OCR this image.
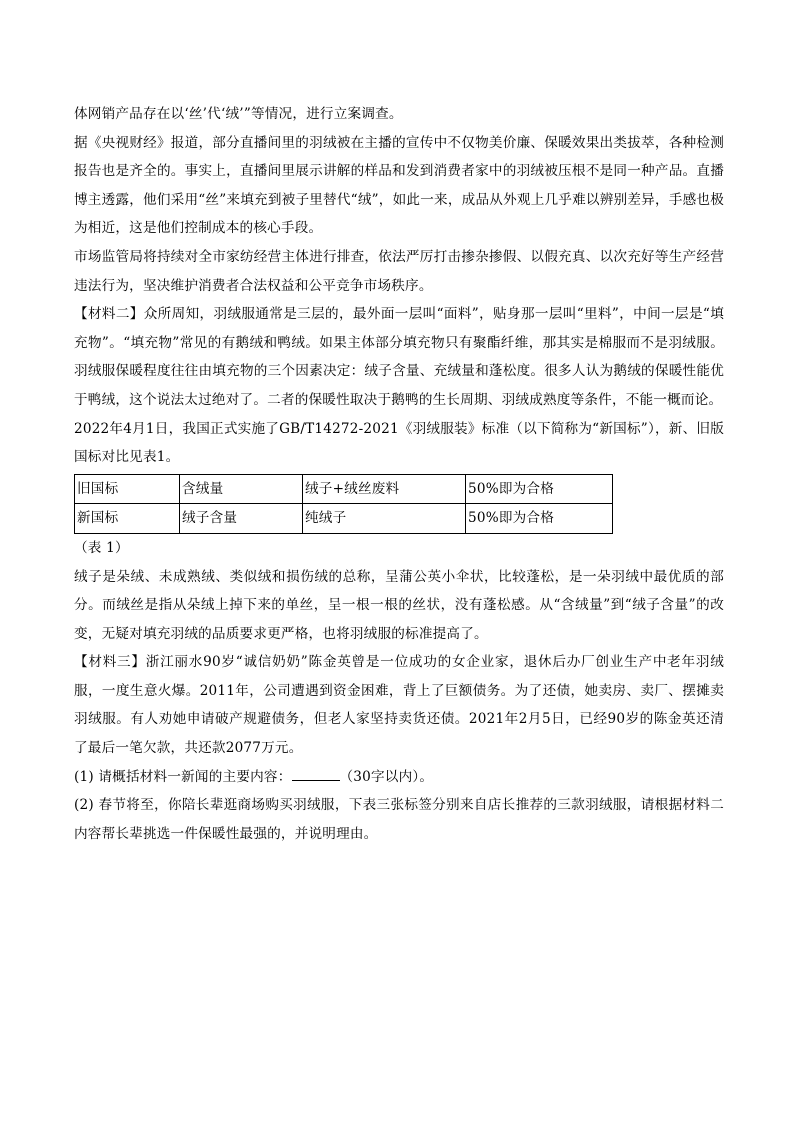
体网销产品存在以‘丝’代‘绒’”等情况，进行立案调查。

据《央视财经》报道，部分直播间里的羽绒被在主播的宣传中不仅物美价廉、保暖效果出类拔萃，各种检测报告也是齐全的。事实上，直播间里展示讲解的样品和发到消费者家中的羽绒被压根不是同一种产品。直播博主透露，他们采用“丝”来填充到被子里替代“绒”，如此一来，成品从外观上几乎难以辨别差异，手感也极为相近，这是他们控制成本的核心手段。

市场监管局将持续对全市家纺经营主体进行排查，依法严厉打击掺杂掺假、以假充真、以次充好等生产经营违法行为，坚决维护消费者合法权益和公平竞争市场秩序。

【材料二】众所周知，羽绒服通常是三层的，最外面一层叫“面料”，贴身那一层叫“里料”，中间一层是“填充物”。“填充物”常见的有鹅绒和鸭绒。如果主体部分填充物只有聚酯纤维，那其实是棉服而不是羽绒服。羽绒服保暖程度往往由填充物的三个因素决定：绒子含量、充绒量和蓬松度。很多人认为鹅绒的保暖性能优于鸭绒，这个说法太过绝对了。二者的保暖性取决于鹅鸭的生长周期、羽绒成熟度等条件，不能一概而论。

2022年4月1日，我国正式实施了GB/T14272-2021《羽绒服装》标准（以下简称为“新国标”），新、旧版国标对比见表1。

旧国标	含绒量	绒子+绒丝废料	50%即为合格
新国标	绒子含量	纯绒子	50%即为合格

（表 1）

绒子是朵绒、未成熟绒、类似绒和损伤绒的总称，呈蒲公英小伞状，比较蓬松，是一朵羽绒中最优质的部分。而绒丝是指从朵绒上掉下来的单丝，呈一根一根的丝状，没有蓬松感。从“含绒量”到“绒子含量”的改变，无疑对填充羽绒的品质要求更严格，也将羽绒服的标准提高了。

【材料三】浙江丽水90岁“诚信奶奶”陈金英曾是一位成功的女企业家，退休后办厂创业生产中老年羽绒服，一度生意火爆。2011年，公司遭遇到资金困难，背上了巨额债务。为了还债，她卖房、卖厂、摆摊卖羽绒服。有人劝她申请破产规避债务，但老人家坚持卖货还债。2021年2月5日，已经90岁的陈金英还清了最后一笔欠款，共还款2077万元。

(1) 请概括材料一新闻的主要内容：	（30字以内）。

(2) 春节将至，你陪长辈逛商场购买羽绒服，下表三张标签分别来自店长推荐的三款羽绒服，请根据材料二内容帮长辈挑选一件保暖性最强的，并说明理由。
